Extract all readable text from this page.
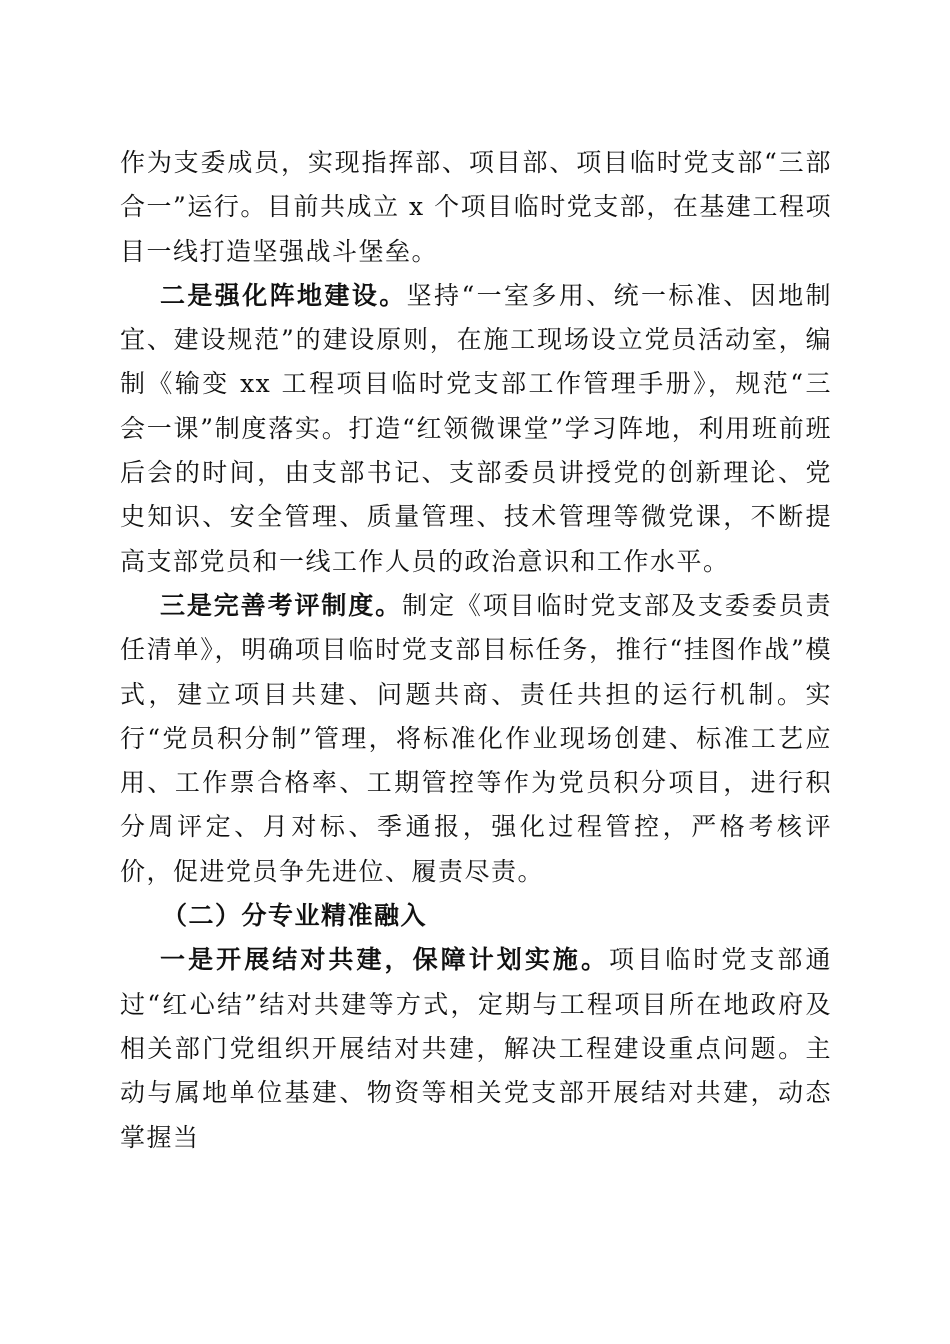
作为支委成员，实现指挥部、项目部、项目临时党支部“三部合一”运行。目前共成立 x 个项目临时党支部，在基建工程项目一线打造坚强战斗堡垒。

二是强化阵地建设。坚持“一室多用、统一标准、因地制宜、建设规范”的建设原则，在施工现场设立党员活动室，编制《输变 xx 工程项目临时党支部工作管理手册》，规范“三会一课”制度落实。打造“红领微课堂”学习阵地，利用班前班后会的时间，由支部书记、支部委员讲授党的创新理论、党史知识、安全管理、质量管理、技术管理等微党课，不断提高支部党员和一线工作人员的政治意识和工作水平。

三是完善考评制度。制定《项目临时党支部及支委委员责任清单》，明确项目临时党支部目标任务，推行“挂图作战”模式，建立项目共建、问题共商、责任共担的运行机制。实行“党员积分制”管理，将标准化作业现场创建、标准工艺应用、工作票合格率、工期管控等作为党员积分项目，进行积分周评定、月对标、季通报，强化过程管控，严格考核评价，促进党员争先进位、履责尽责。

（二）分专业精准融入

一是开展结对共建，保障计划实施。项目临时党支部通过“红心结”结对共建等方式，定期与工程项目所在地政府及相关部门党组织开展结对共建，解决工程建设重点问题。主动与属地单位基建、物资等相关党支部开展结对共建，动态掌握当
